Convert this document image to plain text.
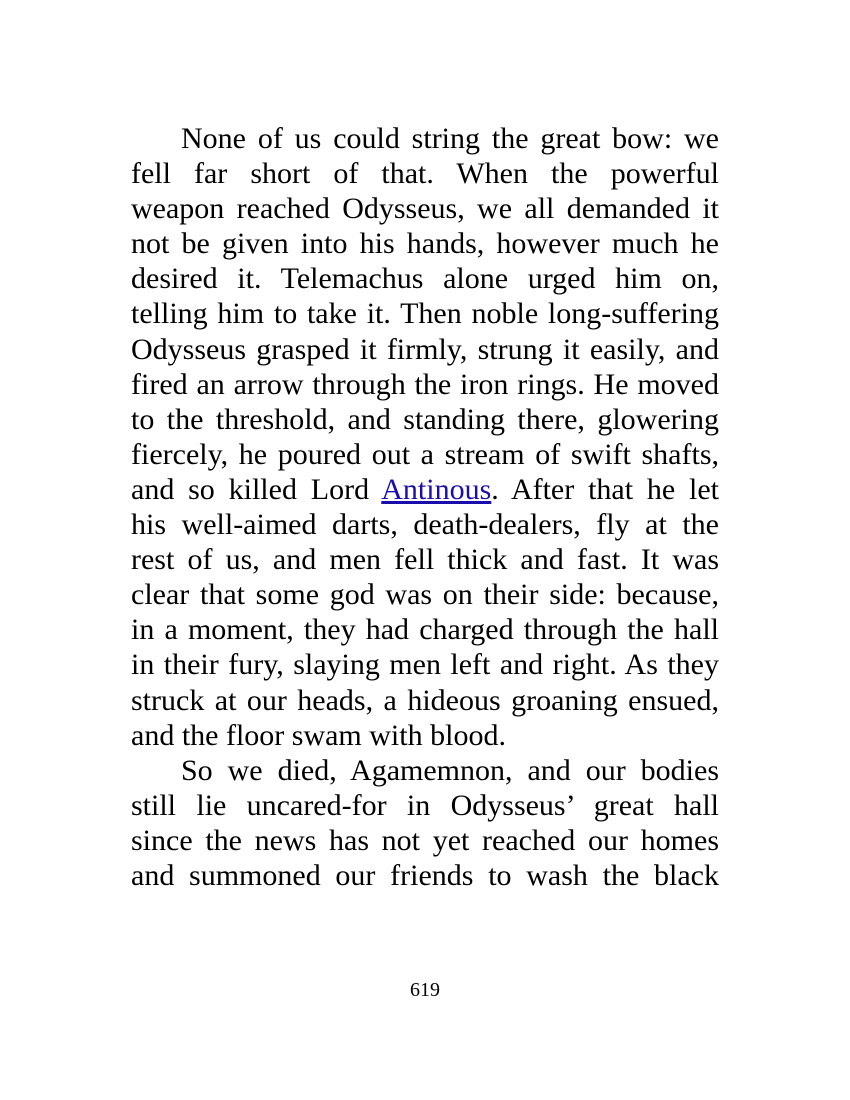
None of us could string the great bow: we
fell far short of that. When the powerful
weapon reached Odysseus, we all demanded it
not be given into his hands, however much he
desired it. Telemachus alone urged him on,
telling him to take it. Then noble long-suffering
Odysseus grasped it firmly, strung it easily, and
fired an arrow through the iron rings. He moved
to the threshold, and standing there, glowering
fiercely, he poured out a stream of swift shafts,
and so killed Lord Antinous. After that he let
his well-aimed darts, death-dealers, fly at the
rest of us, and men fell thick and fast. It was
clear that some god was on their side: because,
in a moment, they had charged through the hall
in their fury, slaying men left and right. As they
struck at our heads, a hideous groaning ensued,
and the floor swam with blood.
So we died, Agamemnon, and our bodies
still lie uncared-for in Odysseus’ great hall
since the news has not yet reached our homes
and summoned our friends to wash the black
619
